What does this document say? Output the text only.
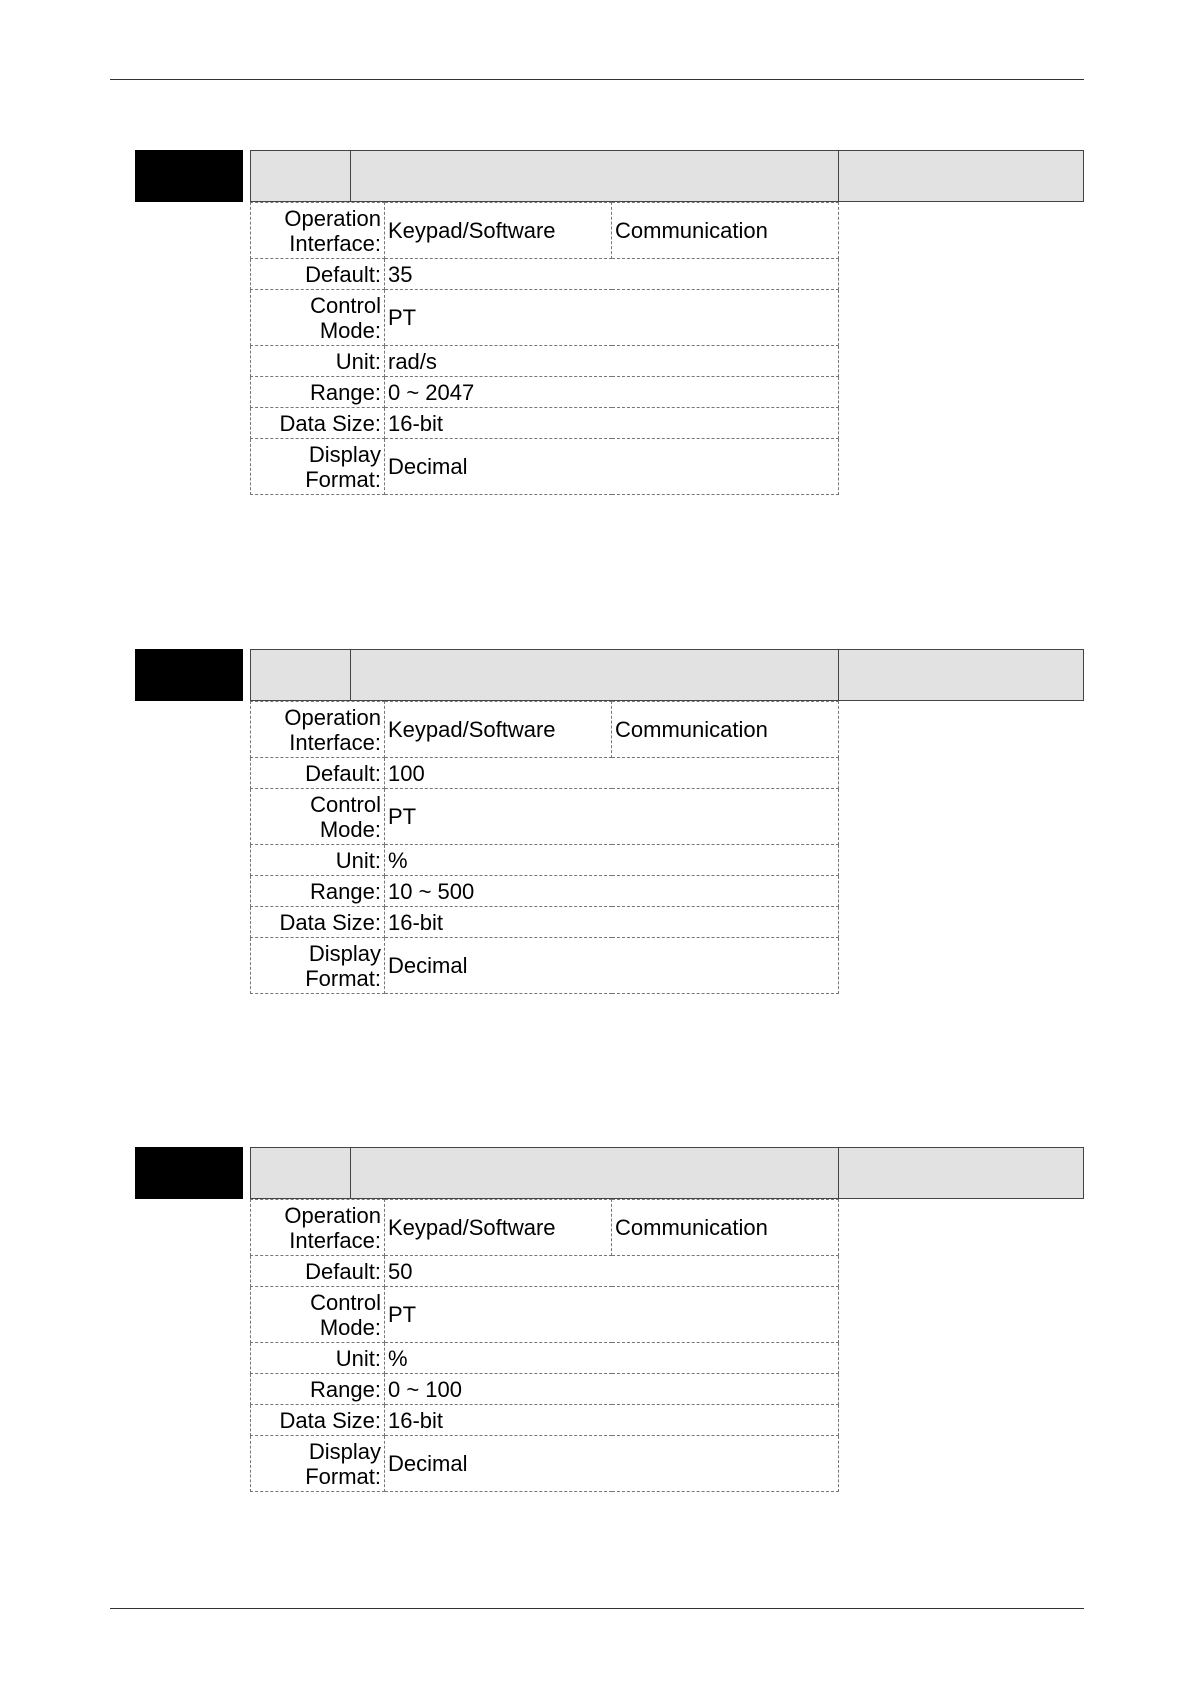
Operation
Interface:	Keypad/Software	Communication
Default:	35	

Control
Mode:	PT	
Unit:	rad/s	
Range:	0 ~ 2047	
Data Size:	16-bit	

Display
Format:	Decimal	
Operation
Interface:	Keypad/Software	Communication
Default:	100	

Control
Mode:	PT	
Unit:	%	
Range:	10 ~ 500	
Data Size:	16-bit	

Display
Format:	Decimal	
Operation
Interface:	Keypad/Software	Communication
Default:	50	

Control
Mode:	PT	
Unit:	%	
Range:	0 ~ 100	
Data Size:	16-bit	

Display
Format:	Decimal	
